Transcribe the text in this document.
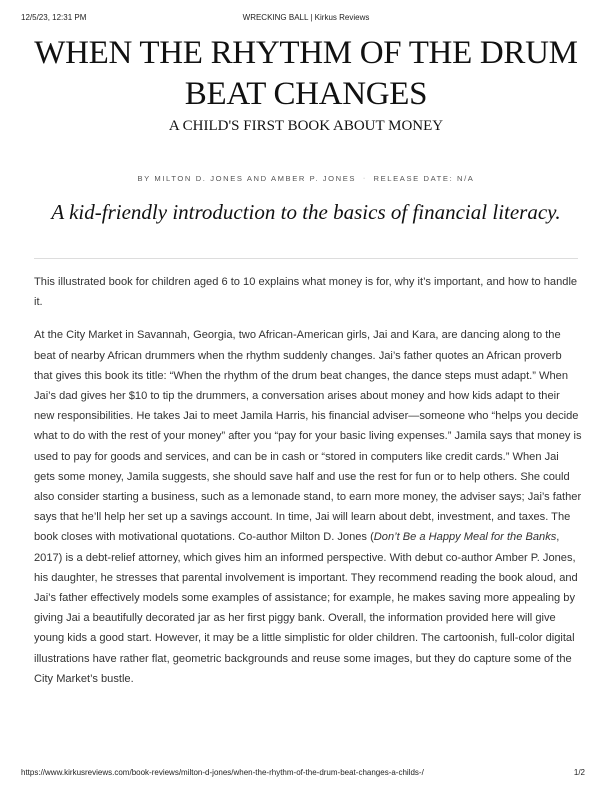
12/5/23, 12:31 PM	WRECKING BALL | Kirkus Reviews
WHEN THE RHYTHM OF THE DRUM BEAT CHANGES
A CHILD'S FIRST BOOK ABOUT MONEY
BY MILTON D. JONES AND AMBER P. JONES ‧ RELEASE DATE: N/A
A kid-friendly introduction to the basics of financial literacy.

This illustrated book for children aged 6 to 10 explains what money is for, why it’s important, and how to handle it.

At the City Market in Savannah, Georgia, two African-American girls, Jai and Kara, are dancing along to the beat of nearby African drummers when the rhythm suddenly changes. Jai’s father quotes an African proverb that gives this book its title: “When the rhythm of the drum beat changes, the dance steps must adapt.” When Jai’s dad gives her $10 to tip the drummers, a conversation arises about money and how kids adapt to their new responsibilities. He takes Jai to meet Jamila Harris, his financial adviser—someone who “helps you decide what to do with the rest of your money” after you “pay for your basic living expenses.” Jamila says that money is used to pay for goods and services, and can be in cash or “stored in computers like credit cards.” When Jai gets some money, Jamila suggests, she should save half and use the rest for fun or to help others. She could also consider starting a business, such as a lemonade stand, to earn more money, the adviser says; Jai’s father says that he’ll help her set up a savings account. In time, Jai will learn about debt, investment, and taxes. The book closes with motivational quotations. Co-author Milton D. Jones (Don’t Be a Happy Meal for the Banks, 2017) is a debt-relief attorney, which gives him an informed perspective. With debut co-author Amber P. Jones, his daughter, he stresses that parental involvement is important. They recommend reading the book aloud, and Jai’s father effectively models some examples of assistance; for example, he makes saving more appealing by giving Jai a beautifully decorated jar as her first piggy bank. Overall, the information provided here will give young kids a good start. However, it may be a little simplistic for older children. The cartoonish, full-color digital illustrations have rather flat, geometric backgrounds and reuse some images, but they do capture some of the City Market’s bustle.

https://www.kirkusreviews.com/book-reviews/milton-d-jones/when-the-rhythm-of-the-drum-beat-changes-a-childs-/	1/2
